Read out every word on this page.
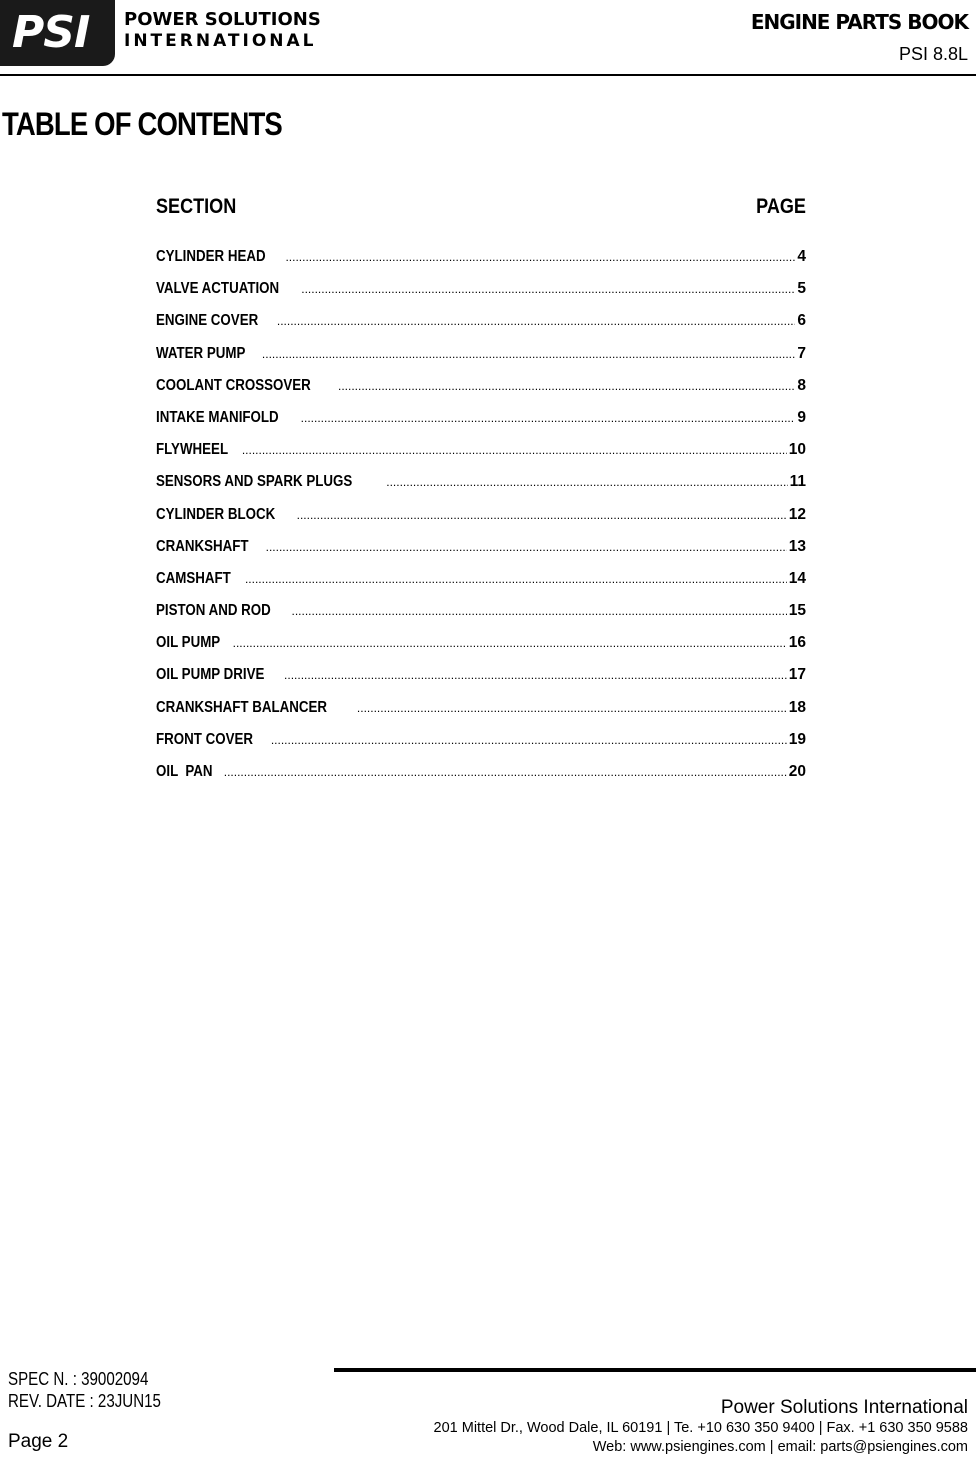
PSI POWER SOLUTIONS
INTERNATIONAL
ENGINE PARTS BOOK
PSI 8.8L
TABLE OF CONTENTS
SECTION	PAGE
CYLINDER HEAD .....	4
VALVE ACTUATION .....	5
ENGINE COVER .....	6
WATER PUMP .....	7
COOLANT CROSSOVER .....	8
INTAKE MANIFOLD .....	9
FLYWHEEL .....	10
SENSORS AND SPARK PLUGS .....	11
CYLINDER BLOCK .....	12
CRANKSHAFT .....	13
CAMSHAFT .....	14
PISTON AND ROD .....	15
OIL PUMP .....	16
OIL PUMP DRIVE .....	17
CRANKSHAFT BALANCER .....	18
FRONT COVER .....	19
OIL  PAN .....	20
SPEC N. : 39002094
REV. DATE : 23JUN15
Page 2
Power Solutions International
201 Mittel Dr., Wood Dale, IL 60191 | Te. +10 630 350 9400 | Fax. +1 630 350 9588
Web: www.psiengines.com | email: parts@psiengines.com
